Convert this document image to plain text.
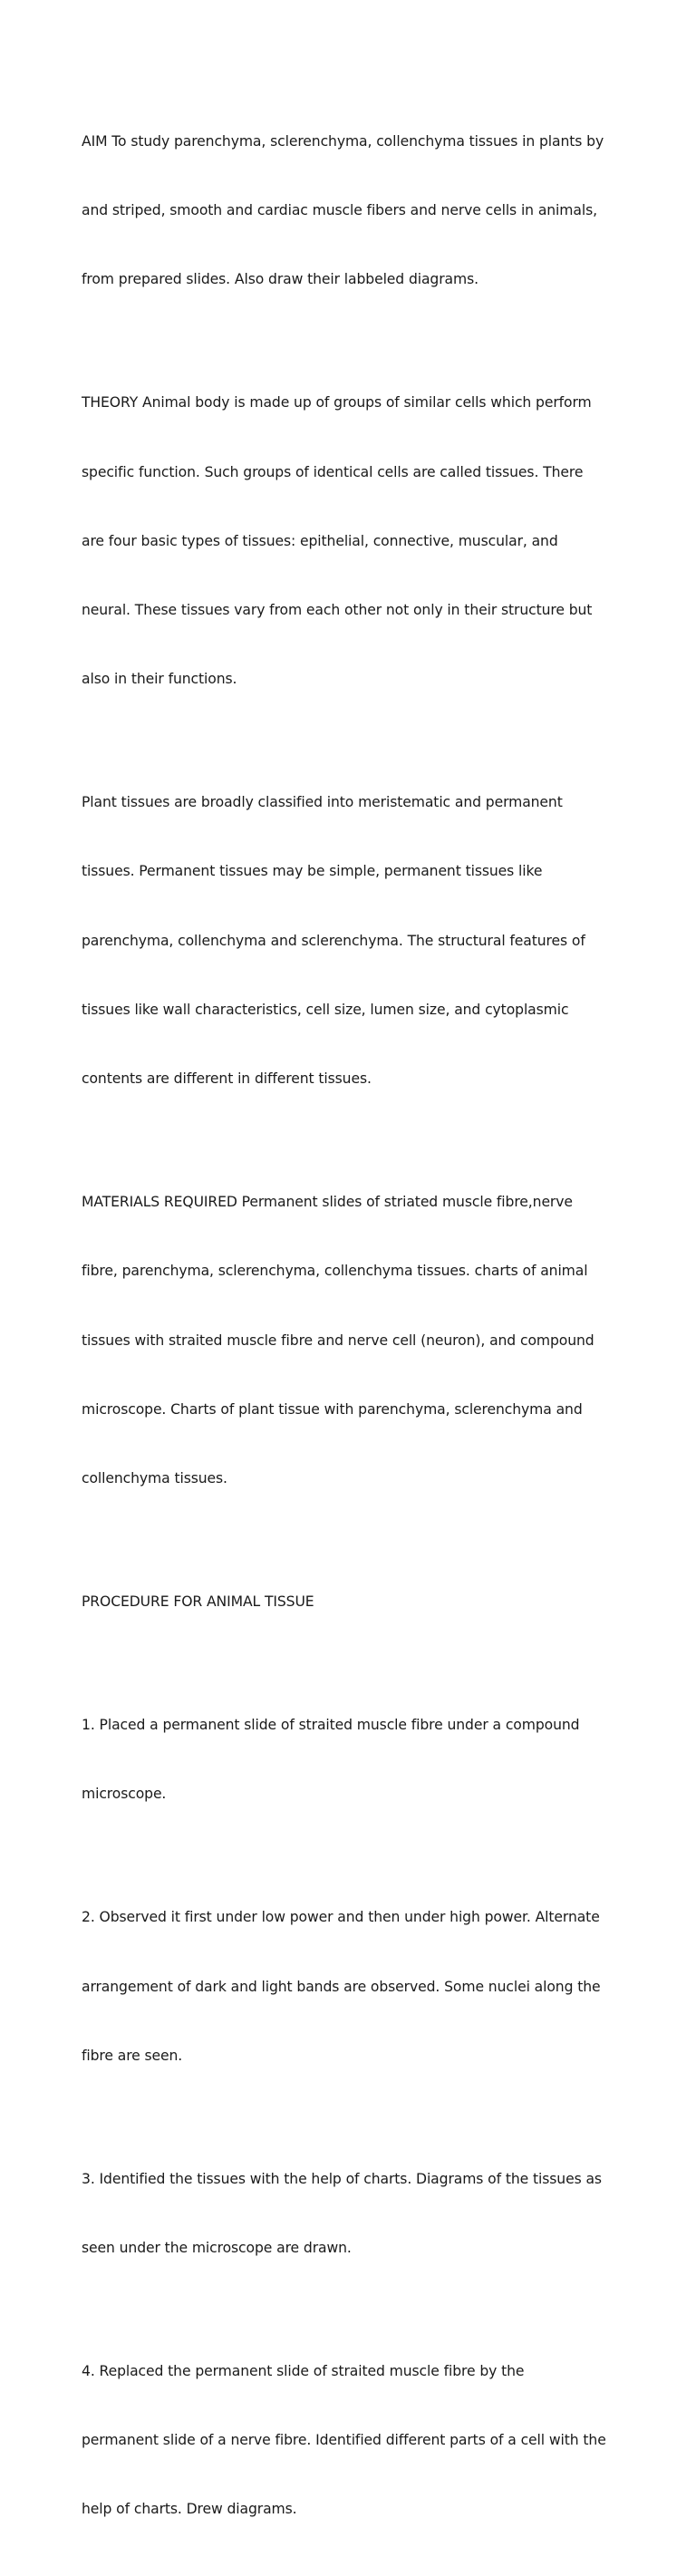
AIM To study parenchyma, sclerenchyma, collenchyma tissues in plants by

and striped, smooth and cardiac muscle fibers and nerve cells in animals,

from prepared slides. Also draw their labbeled diagrams.

THEORY Animal body is made up of groups of similar cells which perform

specific function. Such groups of identical cells are called tissues. There

are four basic types of tissues: epithelial, connective, muscular, and

neural. These tissues vary from each other not only in their structure but

also in their functions.

Plant tissues are broadly classified into meristematic and permanent

tissues. Permanent tissues may be simple, permanent tissues like

parenchyma, collenchyma and sclerenchyma. The structural features of

tissues like wall characteristics, cell size, lumen size, and cytoplasmic

contents are different in different tissues.

MATERIALS REQUIRED Permanent slides of striated muscle fibre,nerve

fibre, parenchyma, sclerenchyma, collenchyma tissues. charts of animal

tissues with straited muscle fibre and nerve cell (neuron), and compound

microscope. Charts of plant tissue with parenchyma, sclerenchyma and

collenchyma tissues.

PROCEDURE FOR ANIMAL TISSUE

1. Placed a permanent slide of straited muscle fibre under a compound

microscope.

2. Observed it first under low power and then under high power. Alternate

arrangement of dark and light bands are observed. Some nuclei along the

fibre are seen.

3. Identified the tissues with the help of charts. Diagrams of the tissues as

seen under the microscope are drawn.

4. Replaced the permanent slide of straited muscle fibre by the

permanent slide of a nerve fibre. Identified different parts of a cell with the

help of charts. Drew diagrams.
